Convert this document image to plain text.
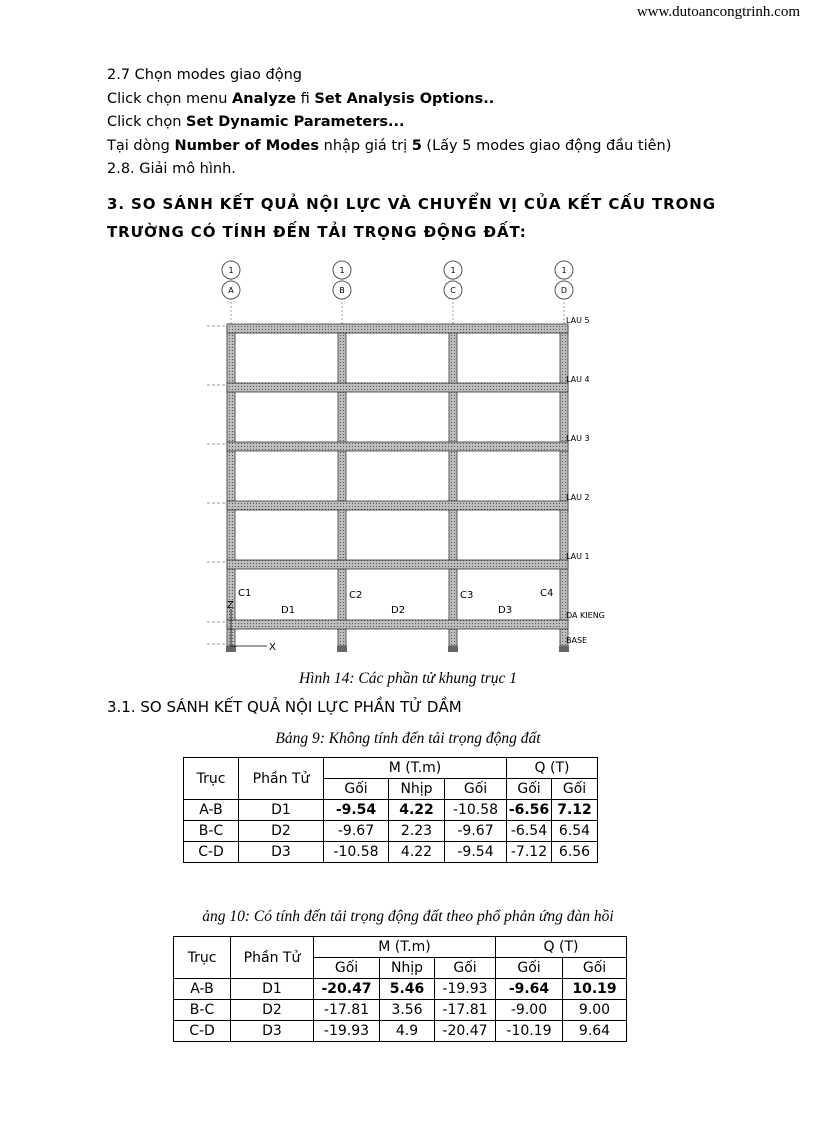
www.dutoancongtrinh.com
2.7 Chọn modes giao động
Click chọn menu Analyze ﬁ Set Analysis Options..
Click chọn Set Dynamic Parameters...
Tại dòng Number of Modes nhập giá trị 5 (Lấy 5 modes giao động đầu tiên)
2.8. Giải mô hình.
3. SO SÁNH KẾT QUẢ NỘI LỰC VÀ CHUYỂN VỊ CỦA KẾT CẤU TRONG
TRƯỜNG CÓ TÍNH ĐẾN TẢI TRỌNG ĐỘNG ĐẤT:
1
A
1
B
1
C
1
D
LAU 5
LAU 4
LAU 3
LAU 2
LAU 1
DA KIENG
BASE
C1	C2	C3	C4
D1	D2	D3
Z
X
Hình 14: Các phần tử khung trục 1
3.1. SO SÁNH KẾT QUẢ NỘI LỰC PHẦN TỬ DẦM
Bảng 9: Không tính đến tải trọng động đất
Trục	Phần Tử	M (T.m)			Q (T)	
		Gối	Nhịp	Gối	Gối	Gối
A-B	D1	-9.54	4.22	-10.58	-6.56	7.12
B-C	D2	-9.67	2.23	-9.67	-6.54	6.54
C-D	D3	-10.58	4.22	-9.54	-7.12	6.56
ảng 10: Có tính đến tải trọng động đất theo phổ phản ứng đàn hồi
Trục	Phần Tử	M (T.m)			Q (T)	
		Gối	Nhịp	Gối	Gối	Gối
A-B	D1	-20.47	5.46	-19.93	-9.64	10.19
B-C	D2	-17.81	3.56	-17.81	-9.00	9.00
C-D	D3	-19.93	4.9	-20.47	-10.19	9.64
